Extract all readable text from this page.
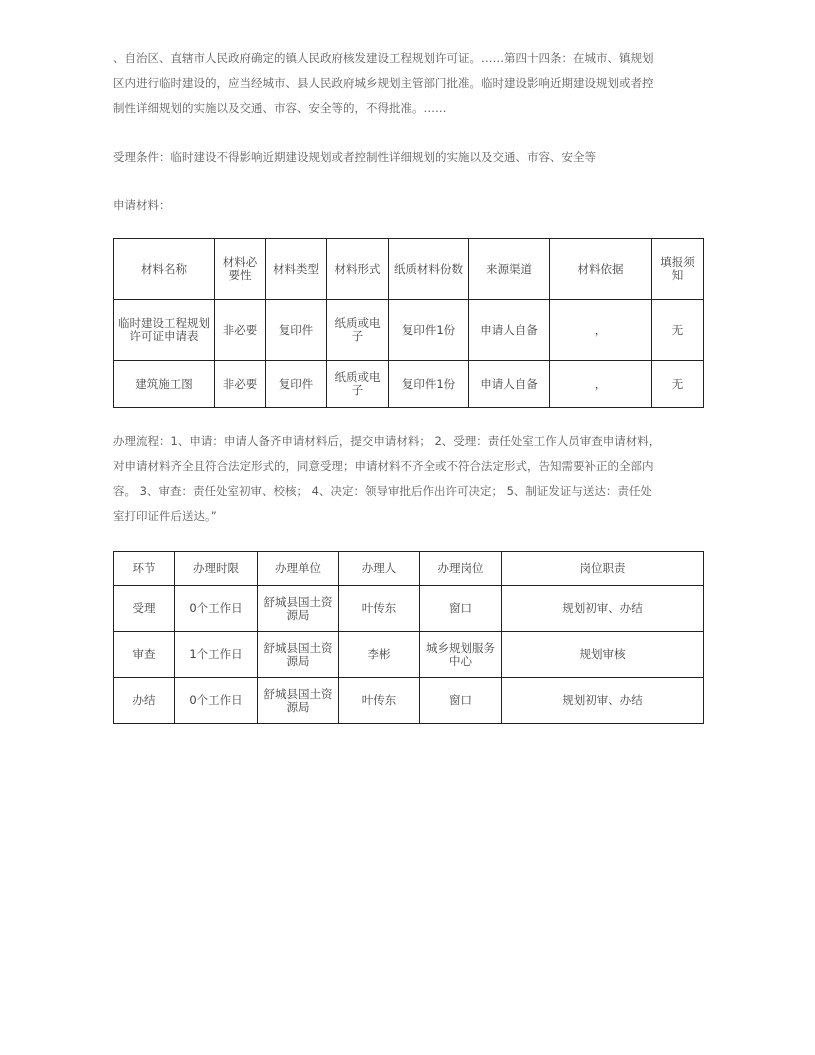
、自治区、直辖市人民政府确定的镇人民政府核发建设工程规划许可证。……第四十四条：在城市、镇规划
区内进行临时建设的，应当经城市、县人民政府城乡规划主管部门批准。临时建设影响近期建设规划或者控
制性详细规划的实施以及交通、市容、安全等的，不得批准。……
受理条件：临时建设不得影响近期建设规划或者控制性详细规划的实施以及交通、市容、安全等
申请材料：
材料名称	材料必要性	材料类型	材料形式	纸质材料份数	来源渠道	材料依据	填报须知
临时建设工程规划许可证申请表	非必要	复印件	纸质或电子	复印件1份	申请人自备	，	无
建筑施工图	非必要	复印件	纸质或电子	复印件1份	申请人自备	，	无
办理流程：1、申请：申请人备齐申请材料后，提交申请材料； 2、受理：责任处室工作人员审查申请材料，
对申请材料齐全且符合法定形式的，同意受理；申请材料不齐全或不符合法定形式，告知需要补正的全部内
容。 3、审查：责任处室初审、校核； 4、决定：领导审批后作出许可决定； 5、制证发证与送达：责任处
室打印证件后送达。”
环节	办理时限	办理单位	办理人	办理岗位	岗位职责
受理	0个工作日	舒城县国土资源局	叶传东	窗口	规划初审、办结
审查	1个工作日	舒城县国土资源局	李彬	城乡规划服务中心	规划审核
办结	0个工作日	舒城县国土资源局	叶传东	窗口	规划初审、办结
